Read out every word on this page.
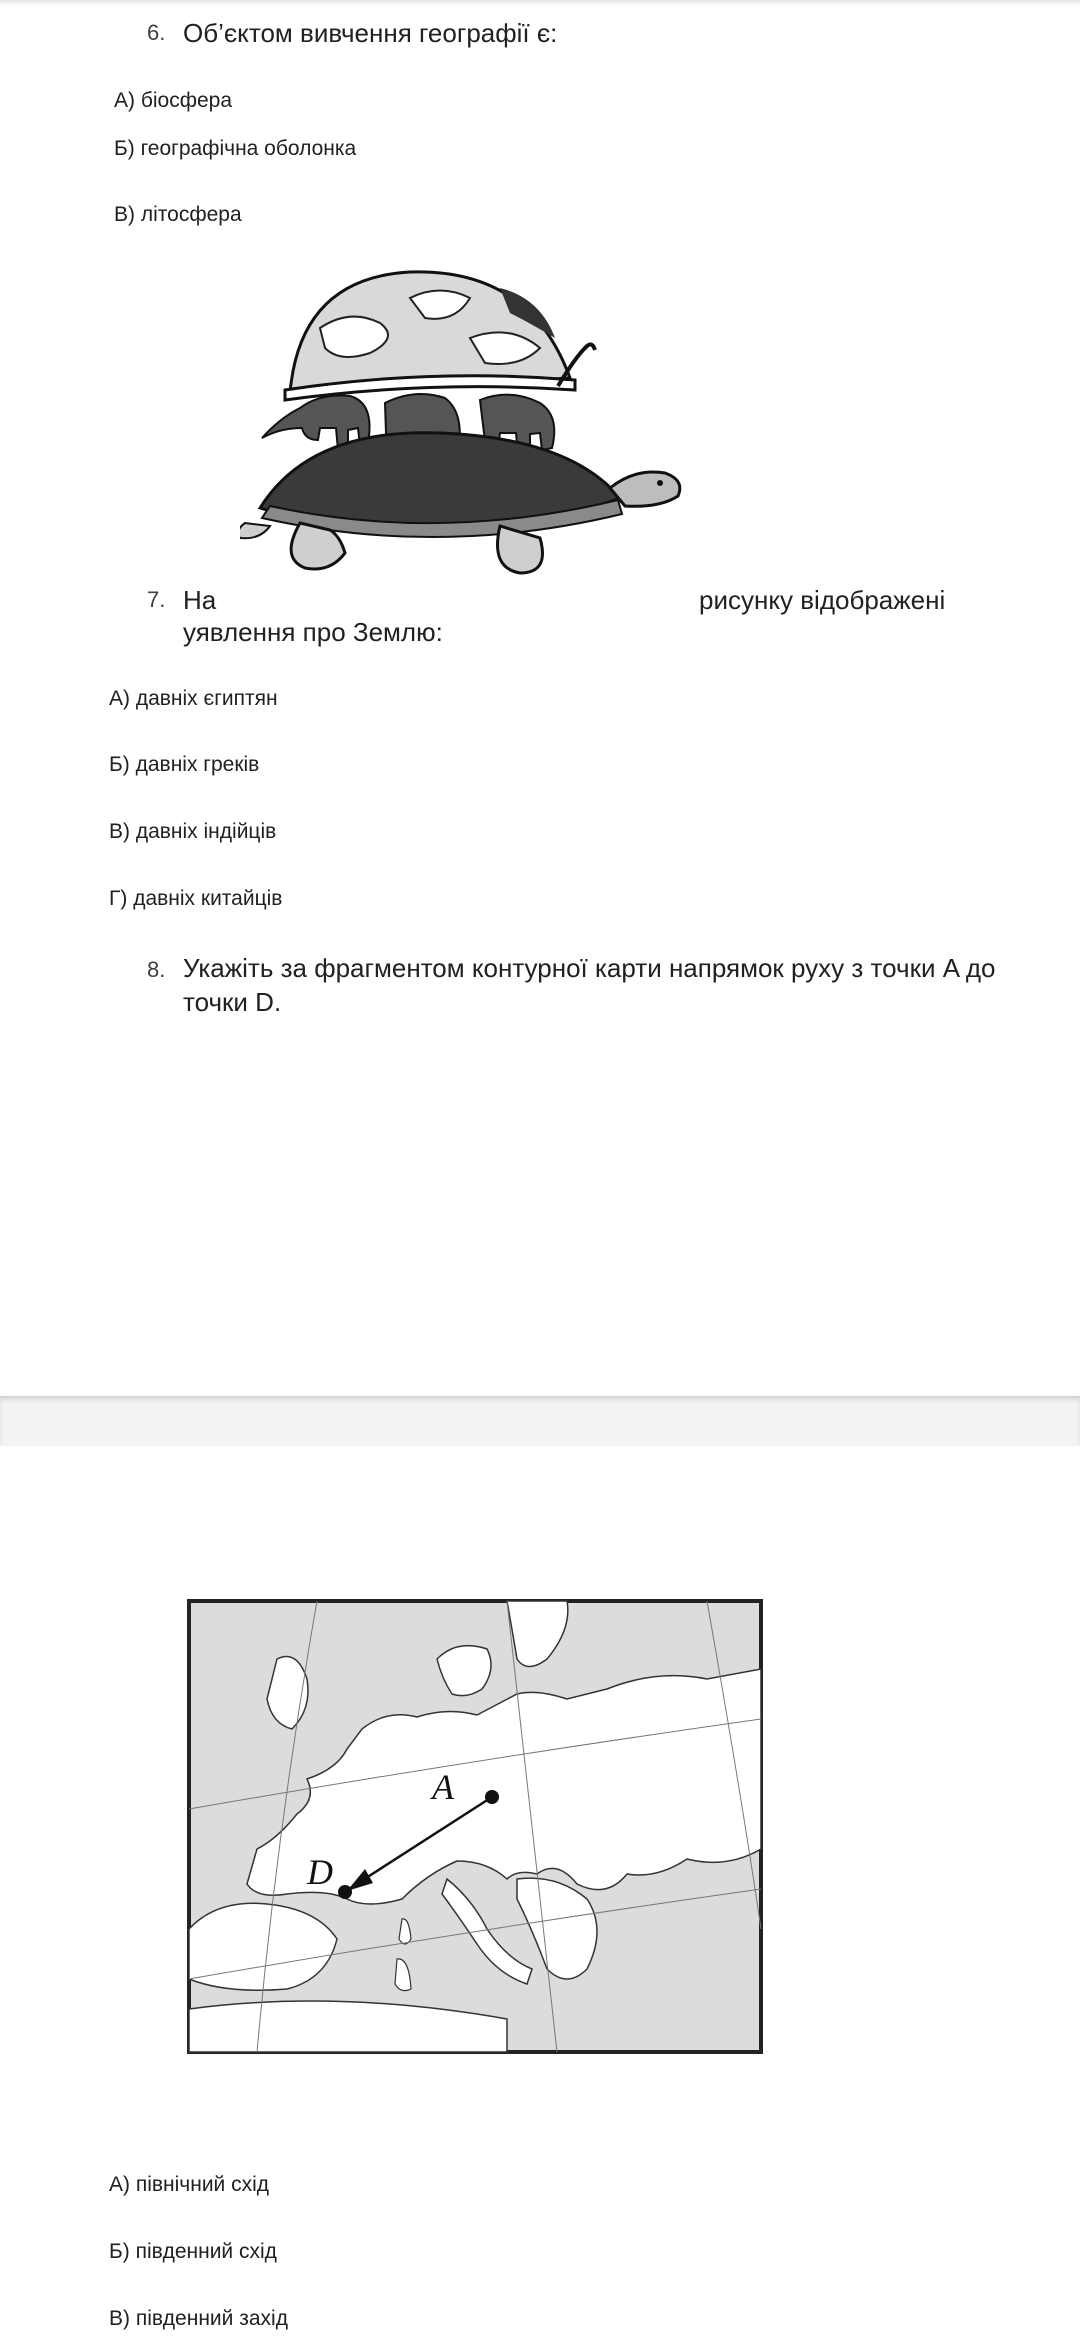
6. Об’єктом вивчення географії є:
А) біосфера
Б) географічна оболонка
В) літосфера
7. На	рисунку відображені
уявлення про Землю:
А) давніх єгиптян
Б) давніх греків
В) давніх індійців
Г) давніх китайців
8. Укажіть за фрагментом контурної карти напрямок руху з точки A до
точки D.
A
D
А) північний схід
Б) південний схід
В) південний захід
